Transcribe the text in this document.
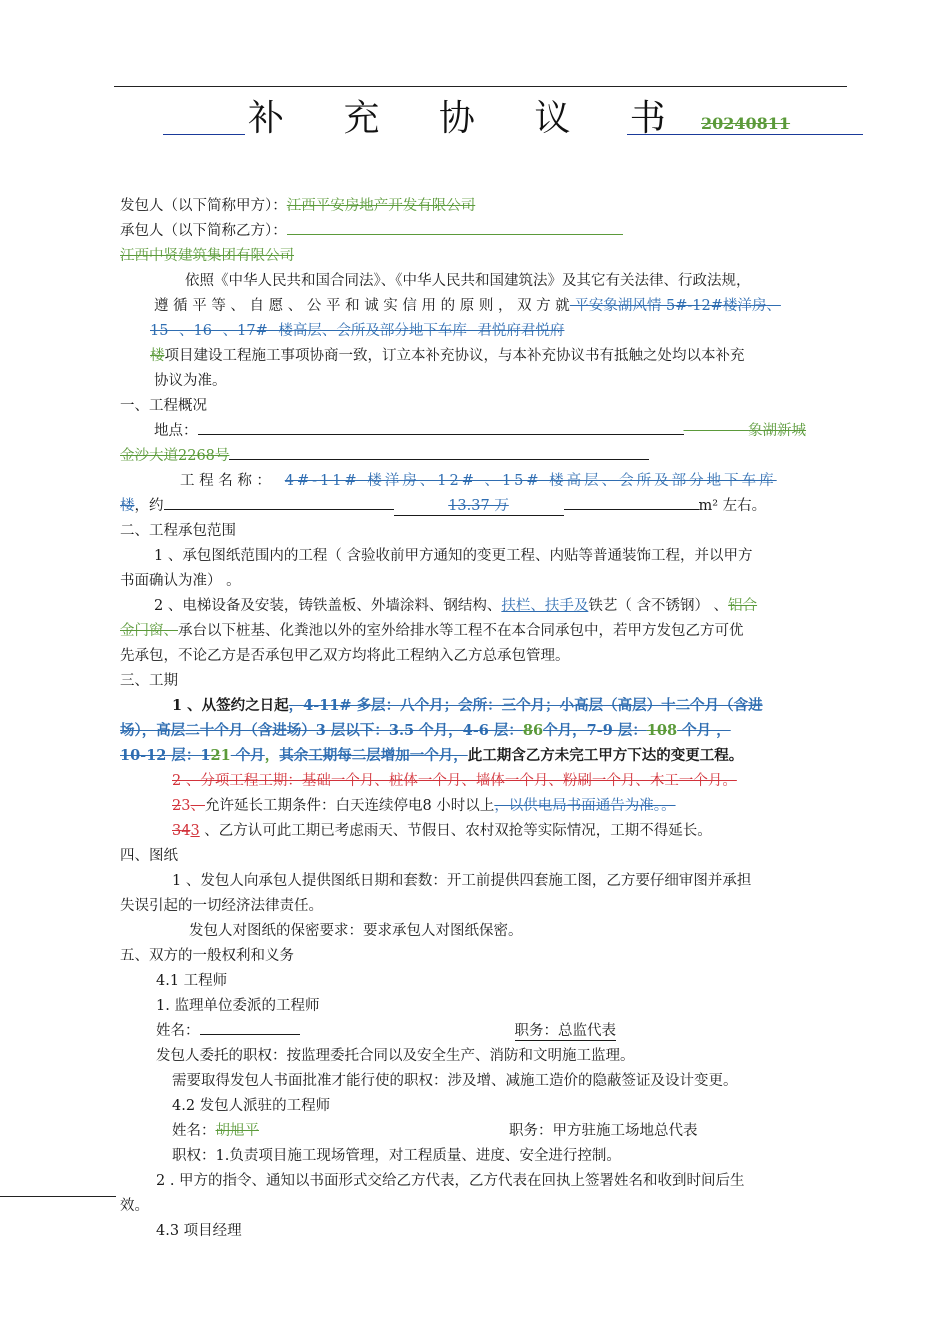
补 充 协 议 书 20240811
发包人（以下简称甲方）：江西平安房地产开发有限公司
承包人（以下简称乙方）：
江西中贤建筑集团有限公司
依照《中华人民共和国合同法》、《中华人民共和国建筑法》及其它有关法律、行政法规，
遵 循 平 等 、 自 愿 、 公 平 和 诚 实 信 用 的 原 则 ， 双 方 就 平安象湖风情 5#-12#楼洋房、
15 、16 、17# 楼高层、会所及部分地下车库 君悦府君悦府
楼项目建设工程施工事项协商一致，订立本补充协议，与本补充协议书有抵触之处均以本补充
协议为准。
一、工程概况
地点：	象湖新城
金沙大道2268号
工 程 名 称 ： 4#-11# 楼洋房、12# 、15# 楼高层、会所及部分地下车库
楼，约	13.37 万	m² 左右。
二、工程承包范围
1 、承包图纸范围内的工程（ 含验收前甲方通知的变更工程、内贴等普通装饰工程，并以甲方
书面确认为准） 。
2 、电梯设备及安装，铸铁盖板、外墙涂料、钢结构、扶栏、扶手及铁艺（ 含不锈钢） 、铝合
金门窗、承台以下桩基、化粪池以外的室外给排水等工程不在本合同承包中，若甲方发包乙方可优
先承包，不论乙方是否承包甲乙双方均将此工程纳入乙方总承包管理。
三、工期
1 、从签约之日起，4-11# 多层：八个月；会所：三个月；小高层（高层）十二个月（含进
场），高层二十个月（含进场）3 层以下：3.5 个月，4-6 层：86个月，7-9 层：108 个月 ，
10-12 层：121 个月，其余工期每二层增加一个月，此工期含乙方未完工甲方下达的变更工程。
2 、分项工程工期：基础一个月、桩体一个月、墙体一个月、粉刷一个月、木工一个月。
23、允许延长工期条件：白天连续停电8 小时以上，以供电局书面通告为准。。
343 、乙方认可此工期已考虑雨天、节假日、农村双抢等实际情况，工期不得延长。
四、图纸
1 、发包人向承包人提供图纸日期和套数：开工前提供四套施工图，乙方要仔细审图并承担
失误引起的一切经济法律责任。
发包人对图纸的保密要求：要求承包人对图纸保密。
五、双方的一般权利和义务
4.1 工程师
1. 监理单位委派的工程师
姓名：	职务：总监代表
发包人委托的职权：按监理委托合同以及安全生产、消防和文明施工监理。
需要取得发包人书面批准才能行使的职权：涉及增、减施工造价的隐蔽签证及设计变更。
4.2 发包人派驻的工程师
姓名：胡旭平	职务：甲方驻施工场地总代表
职权：1.负责项目施工现场管理，对工程质量、进度、安全进行控制。
2 . 甲方的指令、通知以书面形式交给乙方代表，乙方代表在回执上签署姓名和收到时间后生
效。
4.3 项目经理
